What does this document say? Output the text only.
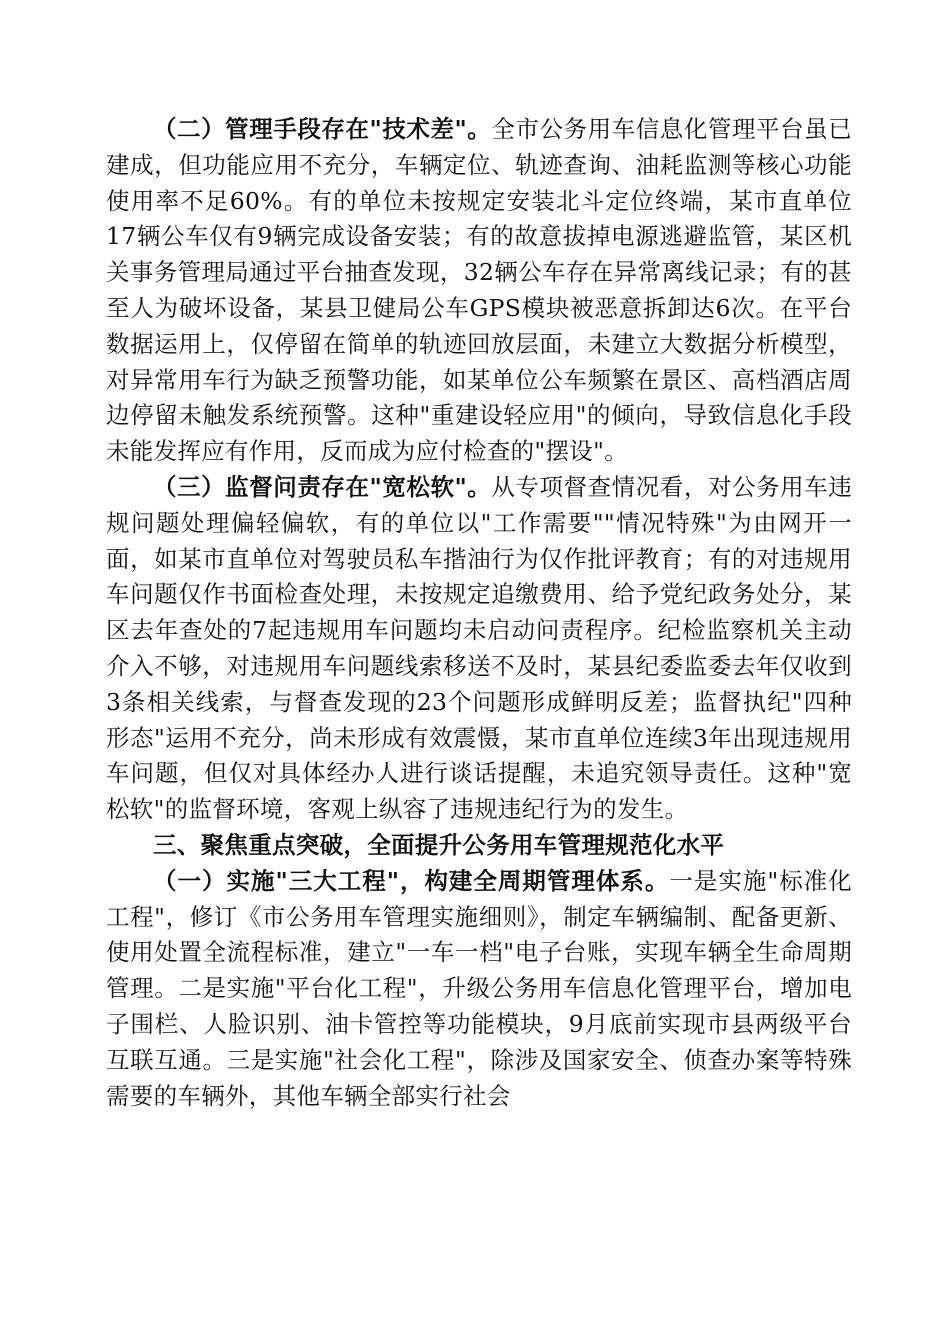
（二）管理手段存在"技术差"。全市公务用车信息化管理平台虽已建成，但功能应用不充分，车辆定位、轨迹查询、油耗监测等核心功能使用率不足60%。有的单位未按规定安装北斗定位终端，某市直单位17辆公车仅有9辆完成设备安装；有的故意拔掉电源逃避监管，某区机关事务管理局通过平台抽查发现，32辆公车存在异常离线记录；有的甚至人为破坏设备，某县卫健局公车GPS模块被恶意拆卸达6次。在平台数据运用上，仅停留在简单的轨迹回放层面，未建立大数据分析模型，对异常用车行为缺乏预警功能，如某单位公车频繁在景区、高档酒店周边停留未触发系统预警。这种"重建设轻应用"的倾向，导致信息化手段未能发挥应有作用，反而成为应付检查的"摆设"。

（三）监督问责存在"宽松软"。从专项督查情况看，对公务用车违规问题处理偏轻偏软，有的单位以"工作需要""情况特殊"为由网开一面，如某市直单位对驾驶员私车揩油行为仅作批评教育；有的对违规用车问题仅作书面检查处理，未按规定追缴费用、给予党纪政务处分，某区去年查处的7起违规用车问题均未启动问责程序。纪检监察机关主动介入不够，对违规用车问题线索移送不及时，某县纪委监委去年仅收到3条相关线索，与督查发现的23个问题形成鲜明反差；监督执纪"四种形态"运用不充分，尚未形成有效震慑，某市直单位连续3年出现违规用车问题，但仅对具体经办人进行谈话提醒，未追究领导责任。这种"宽松软"的监督环境，客观上纵容了违规违纪行为的发生。

三、聚焦重点突破，全面提升公务用车管理规范化水平

（一）实施"三大工程"，构建全周期管理体系。一是实施"标准化工程"，修订《市公务用车管理实施细则》，制定车辆编制、配备更新、使用处置全流程标准，建立"一车一档"电子台账，实现车辆全生命周期管理。二是实施"平台化工程"，升级公务用车信息化管理平台，增加电子围栏、人脸识别、油卡管控等功能模块，9月底前实现市县两级平台互联互通。三是实施"社会化工程"，除涉及国家安全、侦查办案等特殊需要的车辆外，其他车辆全部实行社会
